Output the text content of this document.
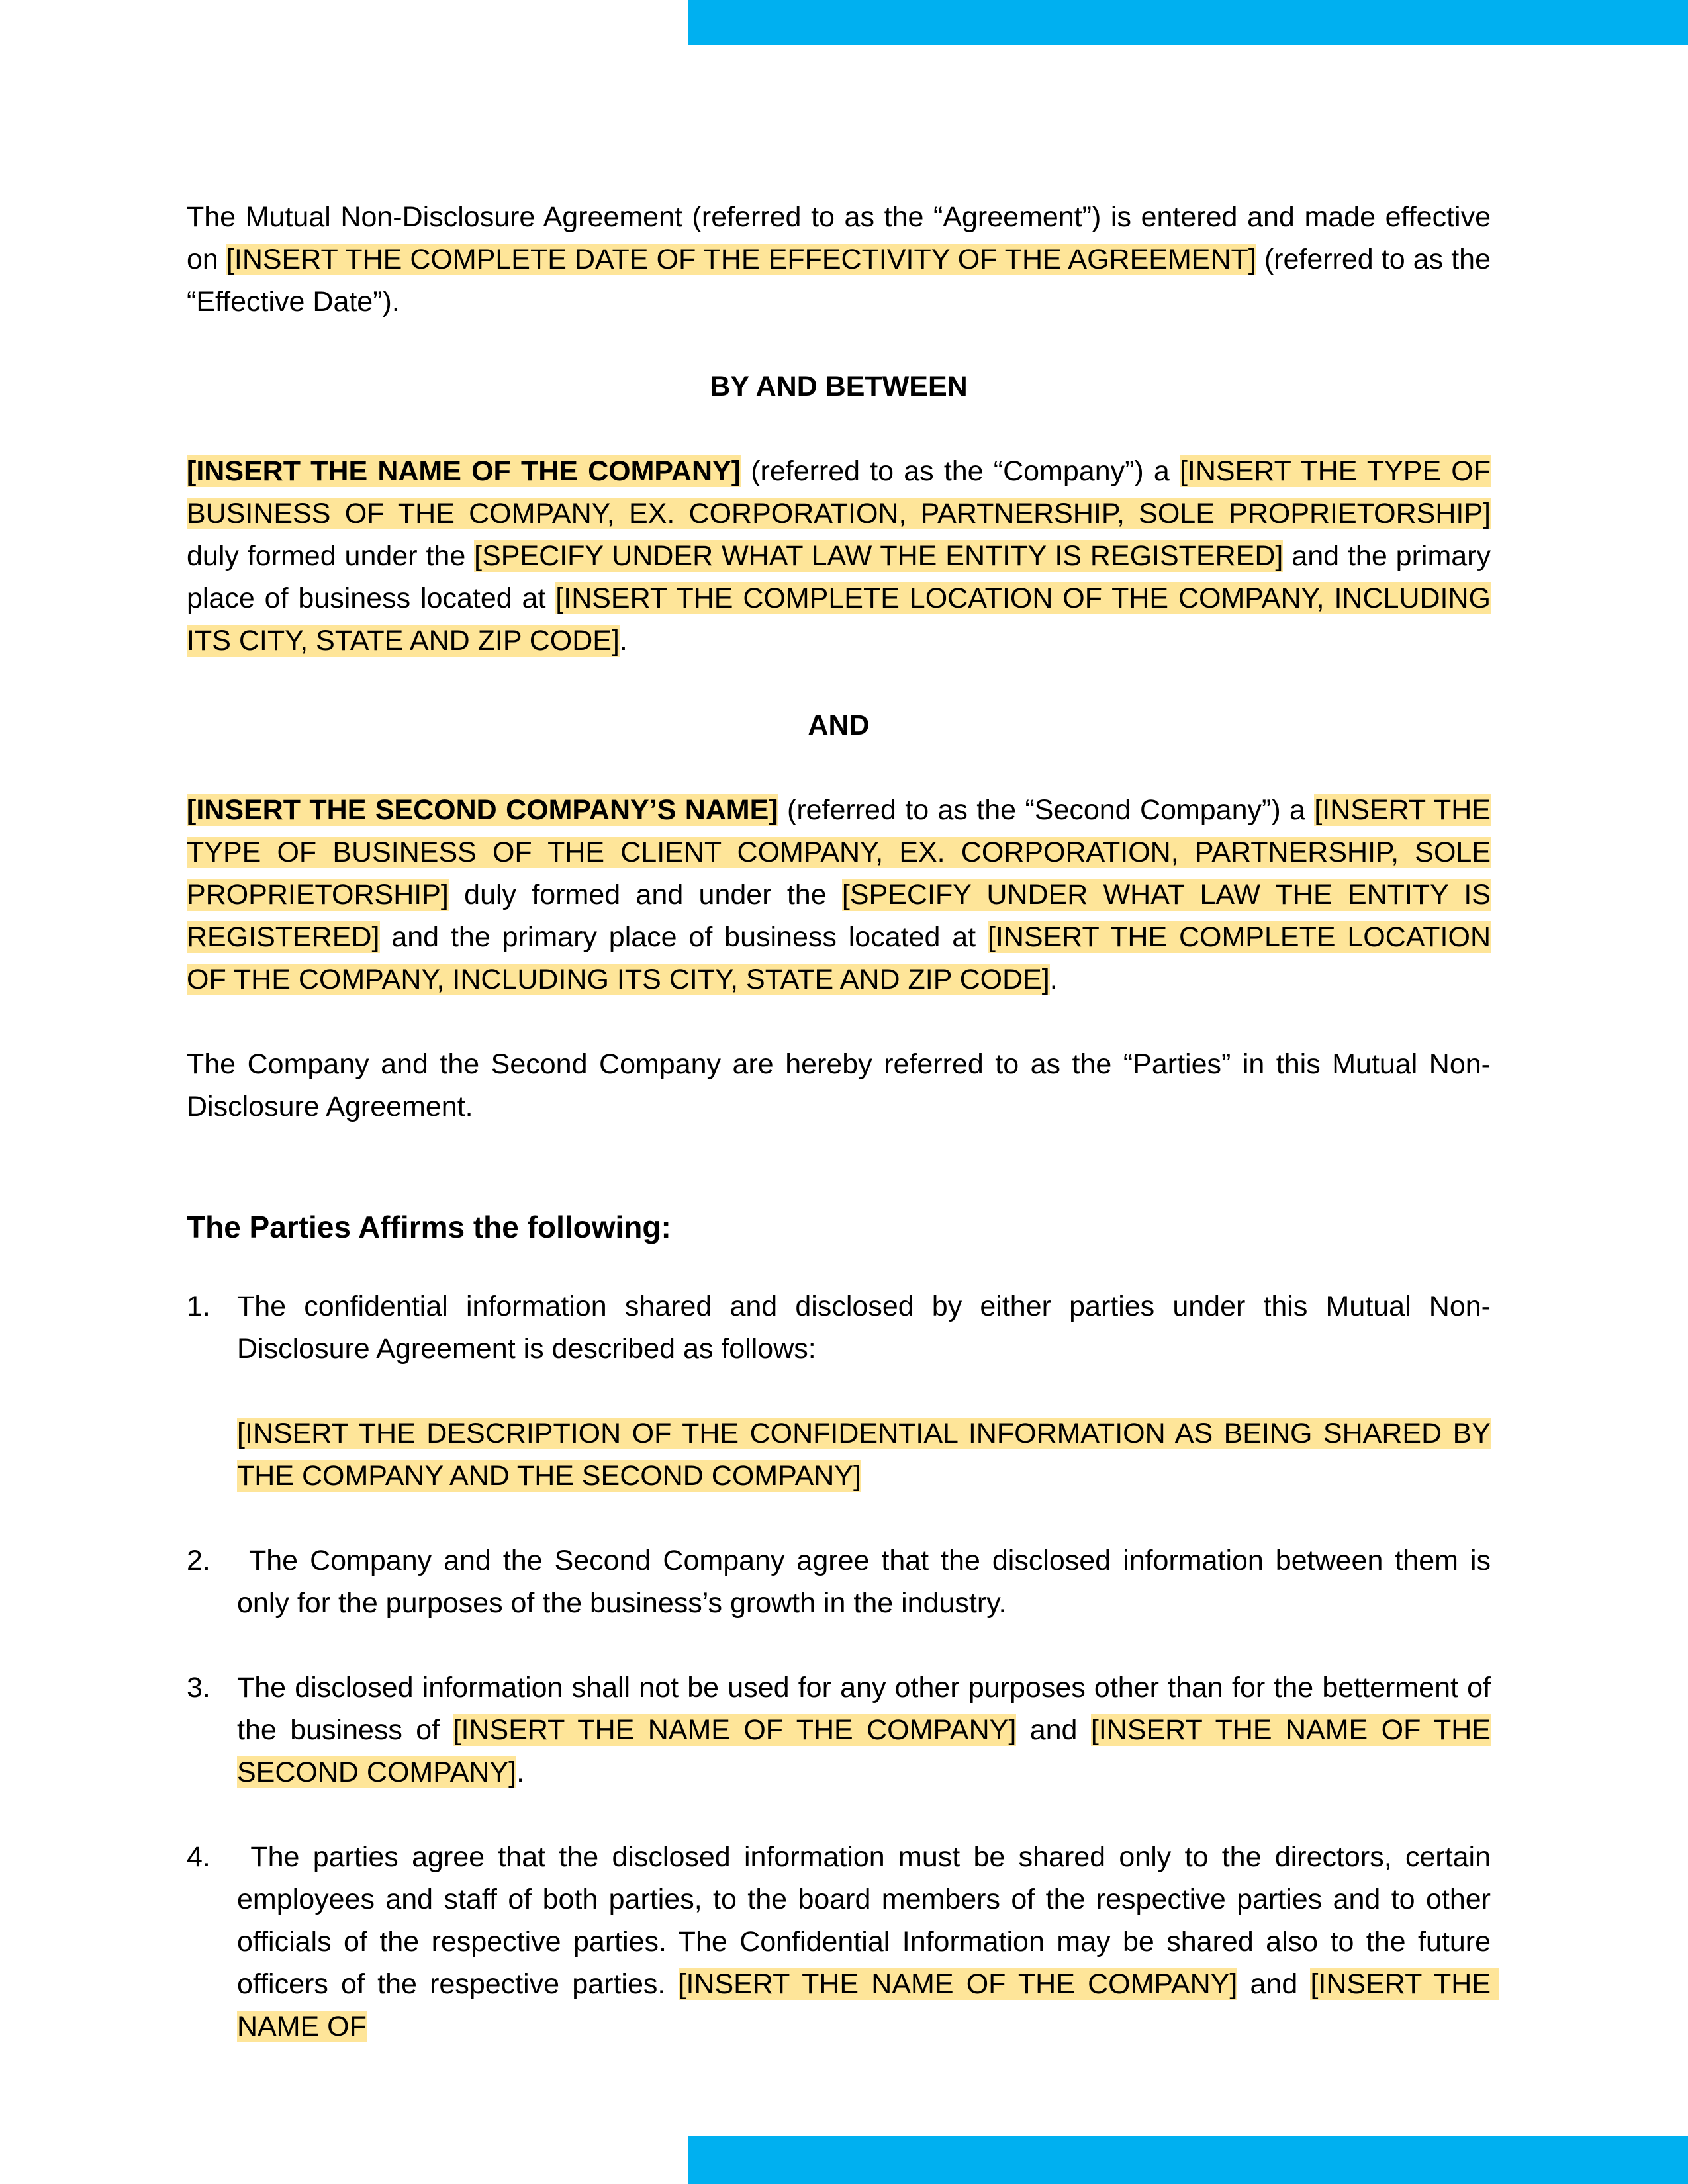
The Mutual Non-Disclosure Agreement (referred to as the “Agreement”) is entered and made effective on [INSERT THE COMPLETE DATE OF THE EFFECTIVITY OF THE AGREEMENT] (referred to as the “Effective Date”).

BY AND BETWEEN

[INSERT THE NAME OF THE COMPANY] (referred to as the “Company”) a [INSERT THE TYPE OF BUSINESS OF THE COMPANY, EX. CORPORATION, PARTNERSHIP, SOLE PROPRIETORSHIP] duly formed under the [SPECIFY UNDER WHAT LAW THE ENTITY IS REGISTERED] and the primary place of business located at [INSERT THE COMPLETE LOCATION OF THE COMPANY, INCLUDING ITS CITY, STATE AND ZIP CODE].

AND

[INSERT THE SECOND COMPANY’S NAME] (referred to as the “Second Company”) a [INSERT THE TYPE OF BUSINESS OF THE CLIENT COMPANY, EX. CORPORATION, PARTNERSHIP, SOLE PROPRIETORSHIP] duly formed and under the [SPECIFY UNDER WHAT LAW THE ENTITY IS REGISTERED] and the primary place of business located at [INSERT THE COMPLETE LOCATION OF THE COMPANY, INCLUDING ITS CITY, STATE AND ZIP CODE].

The Company and the Second Company are hereby referred to as the “Parties” in this Mutual Non-Disclosure Agreement.

The Parties Affirms the following:

1. The confidential information shared and disclosed by either parties under this Mutual Non-Disclosure Agreement is described as follows:

[INSERT THE DESCRIPTION OF THE CONFIDENTIAL INFORMATION AS BEING SHARED BY THE COMPANY AND THE SECOND COMPANY]

2. The Company and the Second Company agree that the disclosed information between them is only for the purposes of the business’s growth in the industry.

3. The disclosed information shall not be used for any other purposes other than for the betterment of the business of [INSERT THE NAME OF THE COMPANY] and [INSERT THE NAME OF THE SECOND COMPANY].

4. The parties agree that the disclosed information must be shared only to the directors, certain employees and staff of both parties, to the board members of the respective parties and to other officials of the respective parties. The Confidential Information may be shared also to the future officers of the respective parties. [INSERT THE NAME OF THE COMPANY] and [INSERT THE NAME OF
